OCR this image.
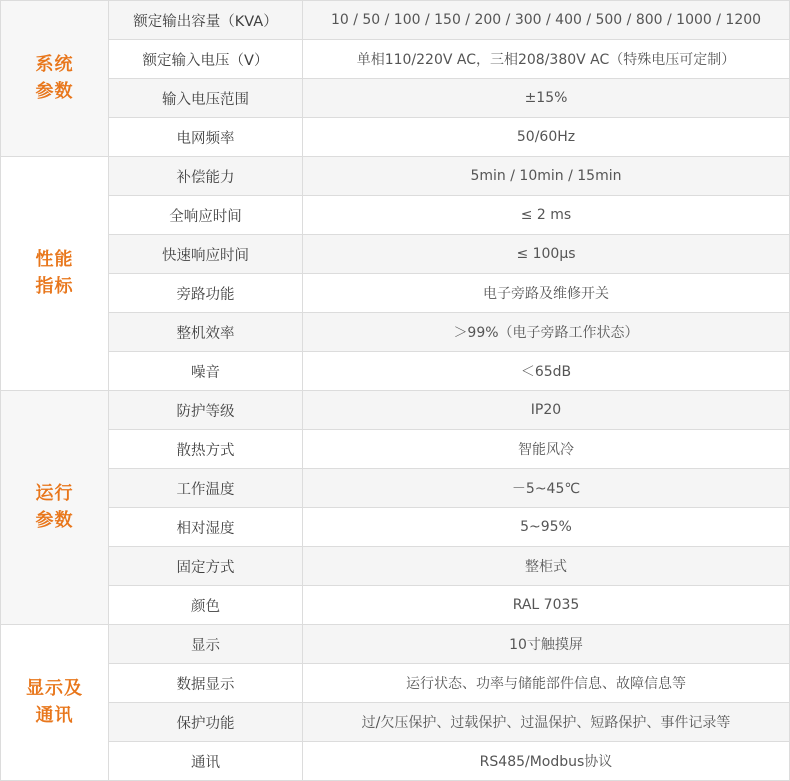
系统
参数	额定输出容量（KVA）	10 / 50 / 100 / 150 / 200 / 300 / 400 / 500 / 800 / 1000 / 1200
	额定输入电压（V）	单相110/220V AC，三相208/380V AC（特殊电压可定制）
	输入电压范围	±15%
	电网频率	50/60Hz

性能
指标	补偿能力	5min / 10min / 15min
	全响应时间	≤ 2 ms
	快速响应时间	≤ 100μs
	旁路功能	电子旁路及维修开关
	整机效率	＞99%（电子旁路工作状态）
	噪音	＜65dB

运行
参数	防护等级	IP20
	散热方式	智能风冷
	工作温度	－5~45℃
	相对湿度	5~95%
	固定方式	整柜式
	颜色	RAL 7035

显示及
通讯	显示	10寸触摸屏
	数据显示	运行状态、功率与储能部件信息、故障信息等
	保护功能	过/欠压保护、过载保护、过温保护、短路保护、事件记录等
	通讯	RS485/Modbus协议
